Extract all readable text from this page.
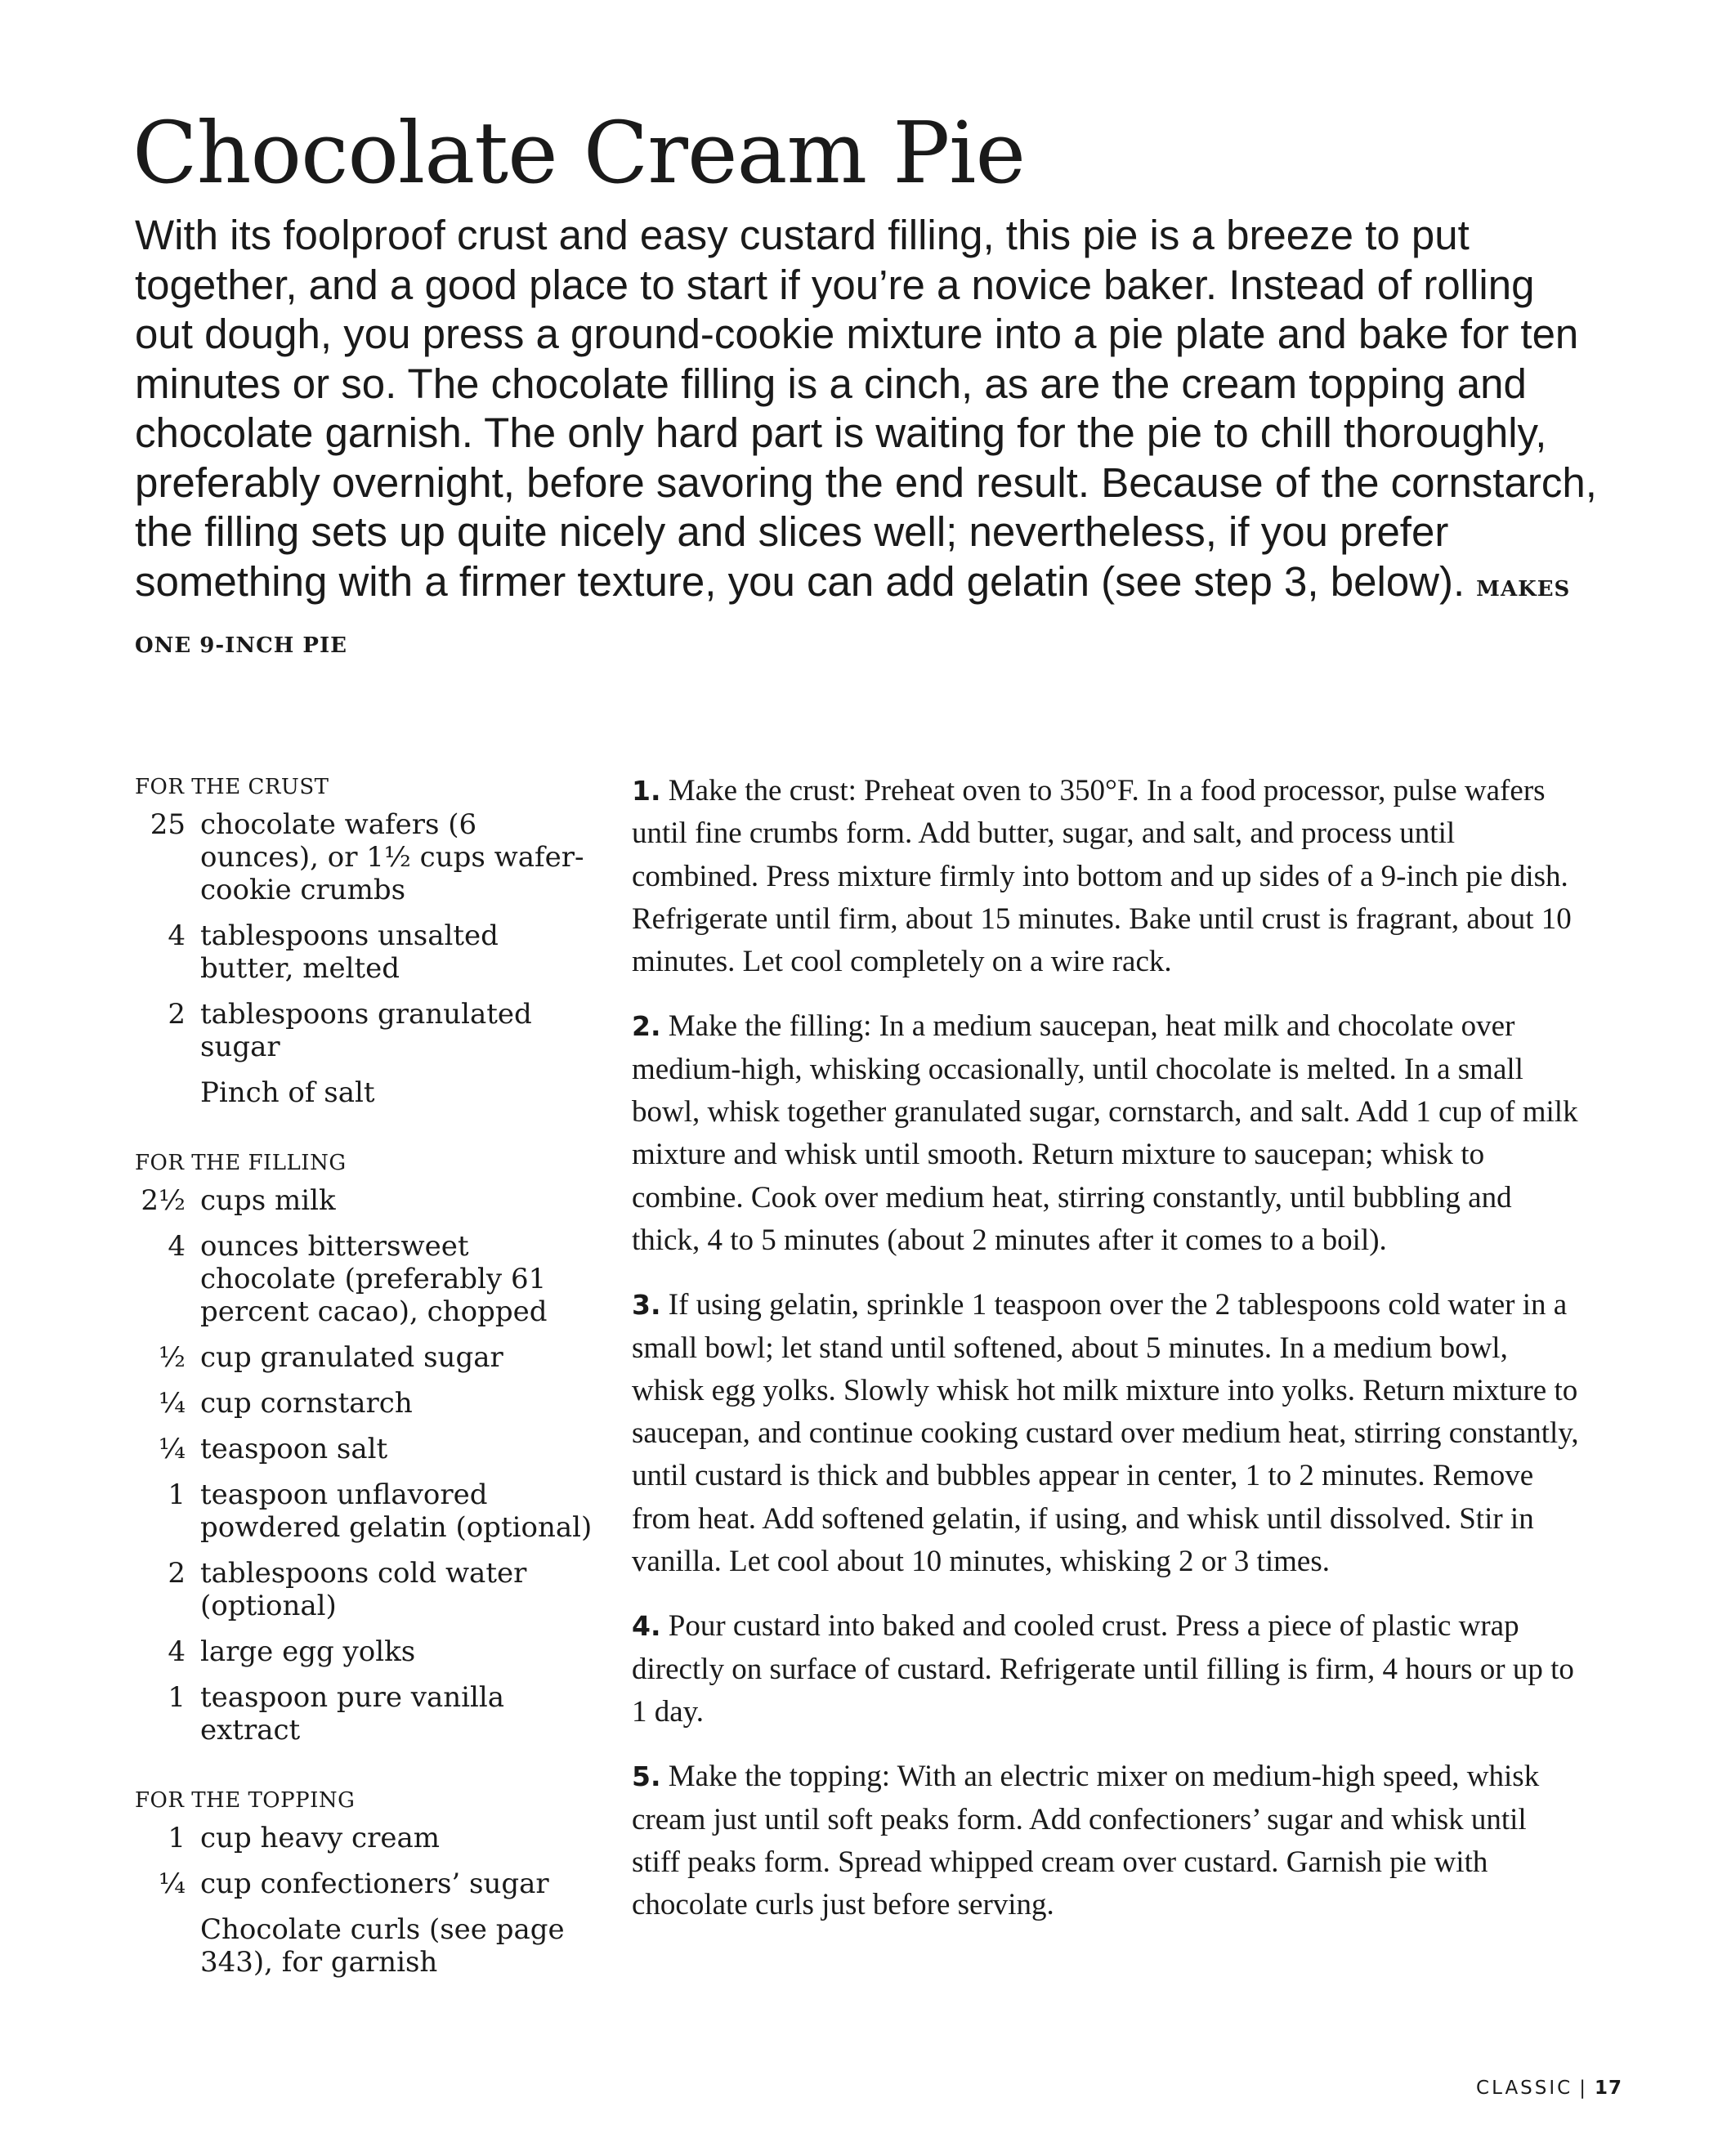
Chocolate Cream Pie

With its foolproof crust and easy custard filling, this pie is a breeze to put together, and a good place to start if you’re a novice baker. Instead of rolling out dough, you press a ground-cookie mixture into a pie plate and bake for ten minutes or so. The chocolate filling is a cinch, as are the cream topping and chocolate garnish. The only hard part is waiting for the pie to chill thoroughly, preferably overnight, before savoring the end result. Because of the cornstarch, the filling sets up quite nicely and slices well; nevertheless, if you prefer something with a firmer texture, you can add gelatin (see step 3, below). MAKES ONE 9-INCH PIE

FOR THE CRUST
25 chocolate wafers (6 ounces), or 1½ cups wafer-cookie crumbs
4 tablespoons unsalted butter, melted
2 tablespoons granulated sugar
Pinch of salt
FOR THE FILLING
2½ cups milk
4 ounces bittersweet chocolate (preferably 61 percent cacao), chopped
½ cup granulated sugar
¼ cup cornstarch
¼ teaspoon salt
1 teaspoon unflavored powdered gelatin (optional)
2 tablespoons cold water (optional)
4 large egg yolks
1 teaspoon pure vanilla extract
FOR THE TOPPING
1 cup heavy cream
¼ cup confectioners’ sugar
Chocolate curls (see page 343), for garnish

1. Make the crust: Preheat oven to 350°F. In a food processor, pulse wafers until fine crumbs form. Add butter, sugar, and salt, and process until combined. Press mixture firmly into bottom and up sides of a 9-inch pie dish. Refrigerate until firm, about 15 minutes. Bake until crust is fragrant, about 10 minutes. Let cool completely on a wire rack.

2. Make the filling: In a medium saucepan, heat milk and chocolate over medium-high, whisking occasionally, until chocolate is melted. In a small bowl, whisk together granulated sugar, cornstarch, and salt. Add 1 cup of milk mixture and whisk until smooth. Return mixture to saucepan; whisk to combine. Cook over medium heat, stirring constantly, until bubbling and thick, 4 to 5 minutes (about 2 minutes after it comes to a boil).

3. If using gelatin, sprinkle 1 teaspoon over the 2 tablespoons cold water in a small bowl; let stand until softened, about 5 minutes. In a medium bowl, whisk egg yolks. Slowly whisk hot milk mixture into yolks. Return mixture to saucepan, and continue cooking custard over medium heat, stirring constantly, until custard is thick and bubbles appear in center, 1 to 2 minutes. Remove from heat. Add softened gelatin, if using, and whisk until dissolved. Stir in vanilla. Let cool about 10 minutes, whisking 2 or 3 times.

4. Pour custard into baked and cooled crust. Press a piece of plastic wrap directly on surface of custard. Refrigerate until filling is firm, 4 hours or up to 1 day.

5. Make the topping: With an electric mixer on medium-high speed, whisk cream just until soft peaks form. Add confectioners’ sugar and whisk until stiff peaks form. Spread whipped cream over custard. Garnish pie with chocolate curls just before serving.

CLASSIC | 17
